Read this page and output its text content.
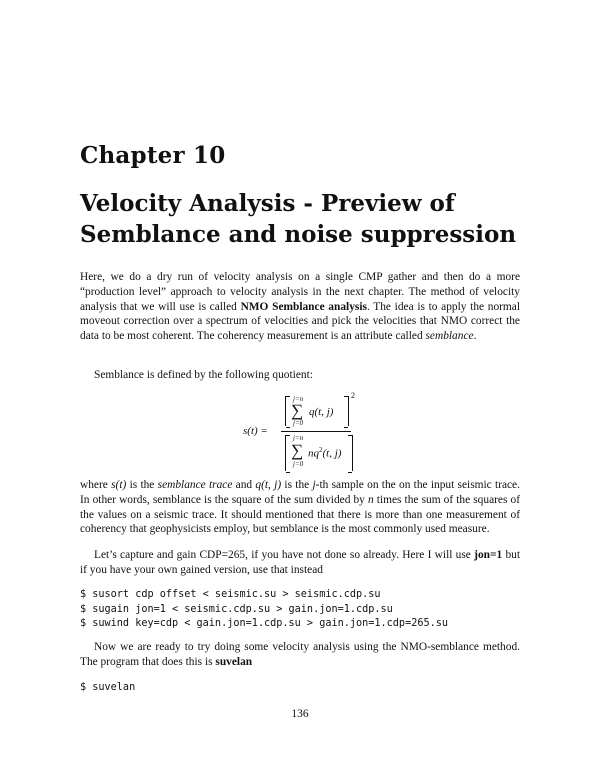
Chapter 10
Velocity Analysis - Preview of
Semblance and noise suppression

Here, we do a dry run of velocity analysis on a single CMP gather and then do a more “production level” approach to velocity analysis in the next chapter. The method of velocity analysis that we will use is called NMO Semblance analysis. The idea is to apply the normal moveout correction over a spectrum of velocities and pick the velocities that NMO correct the data to be most coherent. The coherency measurement is an attribute called semblance.

Semblance is defined by the following quotient:

s(t) =
j=n
∑
j=0
q(t, j)
2
j=n
∑
j=0
$nq^2(t$, j)

where s(t) is the semblance trace and q(t, j) is the j-th sample on the on the input seismic trace. In other words, semblance is the square of the sum divided by n times the sum of the squares of the values on a seismic trace. It should mentioned that there is more than one measurement of coherency that geophysicists employ, but semblance is the most commonly used measure.

Let’s capture and gain CDP=265, if you have not done so already. Here I will use jon=1 but if you have your own gained version, use that instead

$ susort cdp offset < seismic.su > seismic.cdp.su
$ sugain jon=1 < seismic.cdp.su > gain.jon=1.cdp.su
$ suwind key=cdp < gain.jon=1.cdp.su > gain.jon=1.cdp=265.su

Now we are ready to try doing some velocity analysis using the NMO-semblance method. The program that does this is suvelan

$ suvelan
136
